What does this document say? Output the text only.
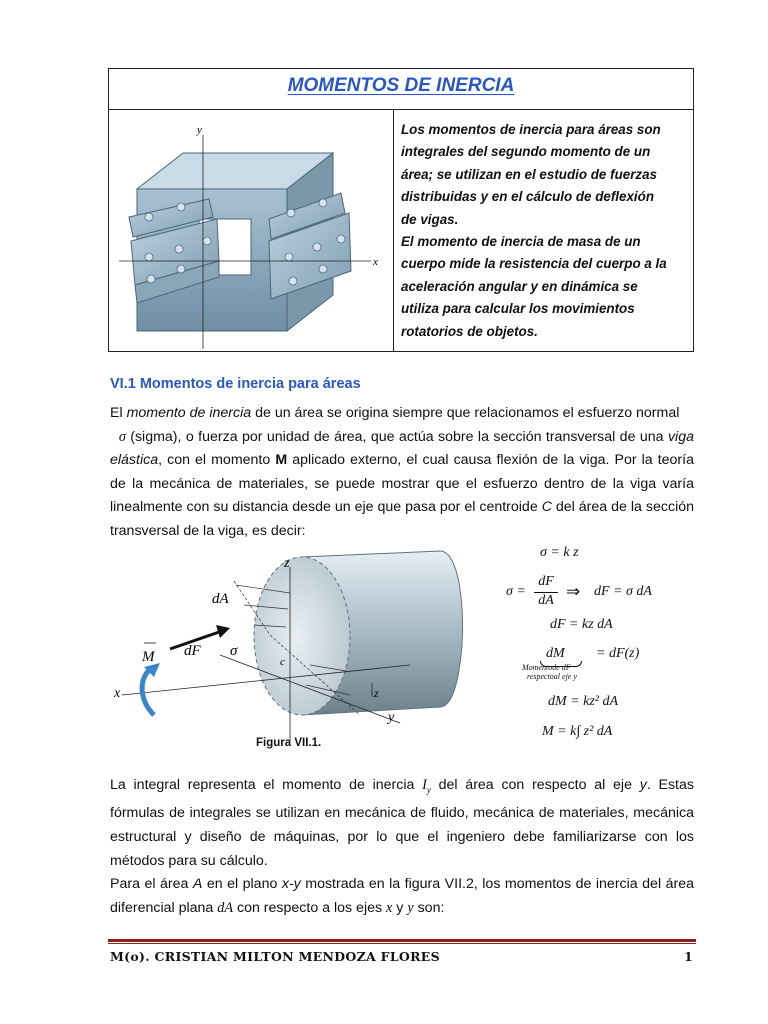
MOMENTOS DE INERCIA
y
x
Los momentos de inercia para áreas son
integrales del segundo momento de un
área; se utilizan en el estudio de fuerzas
distribuidas y en el cálculo de deflexión
de vigas.
El momento de inercia de masa de un
cuerpo mide la resistencia del cuerpo a la
aceleración angular y en dinámica se
utiliza para calcular los movimientos
rotatorios de objetos.
VI.1 Momentos de inercia para áreas
El momento de inercia de un área se origina siempre que relacionamos el esfuerzo normal
σ (sigma), o fuerza por unidad de área, que actúa sobre la sección transversal de una viga elástica, con el momento M aplicado externo, el cual causa flexión de la viga. Por la teoría de la mecánica de materiales, se puede mostrar que el esfuerzo dentro de la viga varía linealmente con su distancia desde un eje que pasa por el centroide C del área de la sección transversal de la viga, es decir:
z
dA
dF σ
M
x
c
y
z
Figura VII.1.
σ = k z
σ =
dF
dA ⇒ dF = σ dA
dF = kz dA
dM
Momentode dF
respectoal eje y
= dF(z)
dM = kz² dA
M = k∫ z² dA
La integral representa el momento de inercia $I_y$ del área con respecto al eje y. Estas fórmulas de integrales se utilizan en mecánica de fluido, mecánica de materiales, mecánica estructural y diseño de máquinas, por lo que el ingeniero debe familiarizarse con los métodos para su cálculo.
Para el área A en el plano x-y mostrada en la figura VII.2, los momentos de inercia del área diferencial plana dA con respecto a los ejes x y y son:
M(o). CRISTIAN MILTON MENDOZA FLORES	1
